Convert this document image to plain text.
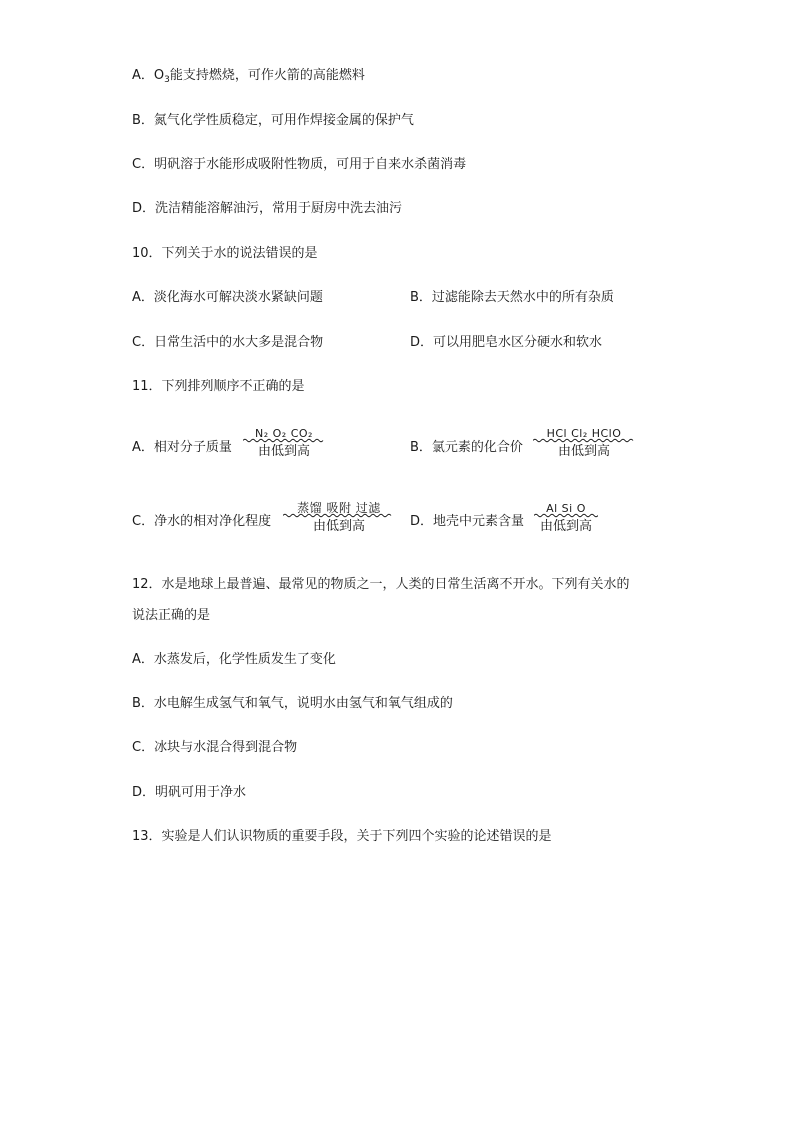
A．$O_3$能支持燃烧，可作火箭的高能燃料
B．氮气化学性质稳定，可用作焊接金属的保护气
C．明矾溶于水能形成吸附性物质，可用于自来水杀菌消毒
D．洗洁精能溶解油污，常用于厨房中洗去油污
10．下列关于水的说法错误的是
A．淡化海水可解决淡水紧缺问题	B．过滤能除去天然水中的所有杂质
C．日常生活中的水大多是混合物	D．可以用肥皂水区分硬水和软水
11．下列排列顺序不正确的是
A．相对分子质量
N₂ O₂ CO₂
由低到高	B．氯元素的化合价
HCl Cl₂ HClO
由低到高
C．净水的相对净化程度
蒸馏 吸附 过滤
由低到高	D．地壳中元素含量
Al Si O
由低到高
12．水是地球上最普遍、最常见的物质之一，人类的日常生活离不开水。下列有关水的
说法正确的是
A．水蒸发后，化学性质发生了变化
B．水电解生成氢气和氧气，说明水由氢气和氧气组成的
C．冰块与水混合得到混合物
D．明矾可用于净水
13．实验是人们认识物质的重要手段，关于下列四个实验的论述错误的是
